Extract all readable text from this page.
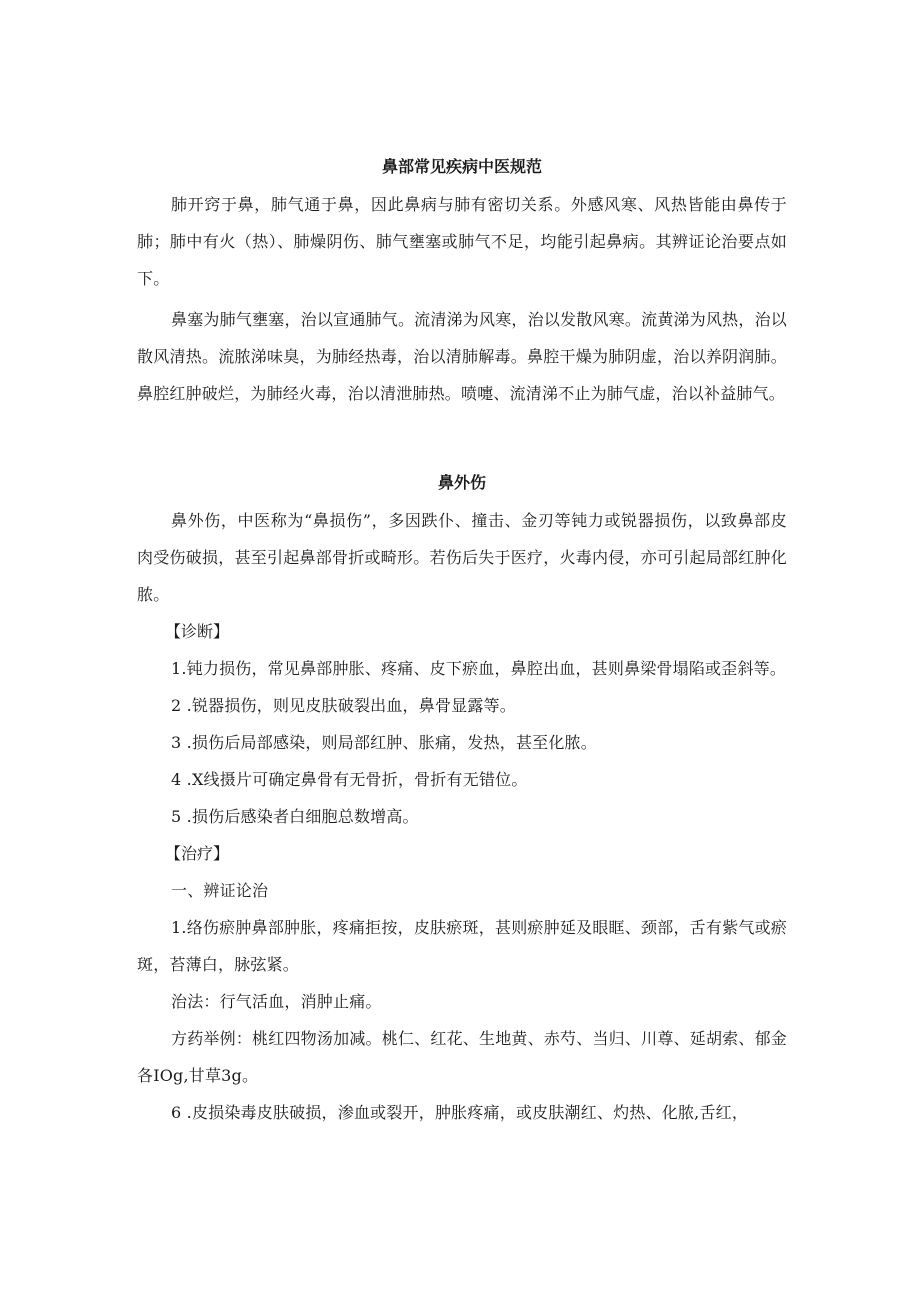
鼻部常见疾病中医规范

肺开窍于鼻，肺气通于鼻，因此鼻病与肺有密切关系。外感风寒、风热皆能由鼻传于肺；肺中有火（热）、肺燥阴伤、肺气壅塞或肺气不足，均能引起鼻病。其辨证论治要点如下。

鼻塞为肺气壅塞，治以宣通肺气。流清涕为风寒，治以发散风寒。流黄涕为风热，治以散风清热。流脓涕味臭，为肺经热毒，治以清肺解毒。鼻腔干燥为肺阴虚，治以养阴润肺。鼻腔红肿破烂，为肺经火毒，治以清泄肺热。喷嚏、流清涕不止为肺气虚，治以补益肺气。

鼻外伤

鼻外伤，中医称为“鼻损伤”，多因跌仆、撞击、金刃等钝力或锐器损伤，以致鼻部皮肉受伤破损，甚至引起鼻部骨折或畸形。若伤后失于医疗，火毒内侵，亦可引起局部红肿化脓。

【诊断】

1.钝力损伤，常见鼻部肿胀、疼痛、皮下瘀血，鼻腔出血，甚则鼻梁骨塌陷或歪斜等。

2 .锐器损伤，则见皮肤破裂出血，鼻骨显露等。

3 .损伤后局部感染，则局部红肿、胀痛，发热，甚至化脓。

4 .X线摄片可确定鼻骨有无骨折，骨折有无错位。

5 .损伤后感染者白细胞总数增高。

【治疗】

一、辨证论治

1.络伤瘀肿鼻部肿胀，疼痛拒按，皮肤瘀斑，甚则瘀肿延及眼眶、颈部，舌有紫气或瘀斑，苔薄白，脉弦紧。

治法：行气活血，消肿止痛。

方药举例：桃红四物汤加减。桃仁、红花、生地黄、赤芍、当归、川尊、延胡索、郁金各IOg,甘草3g。

6 .皮损染毒皮肤破损，渗血或裂开，肿胀疼痛，或皮肤潮红、灼热、化脓,舌红，
